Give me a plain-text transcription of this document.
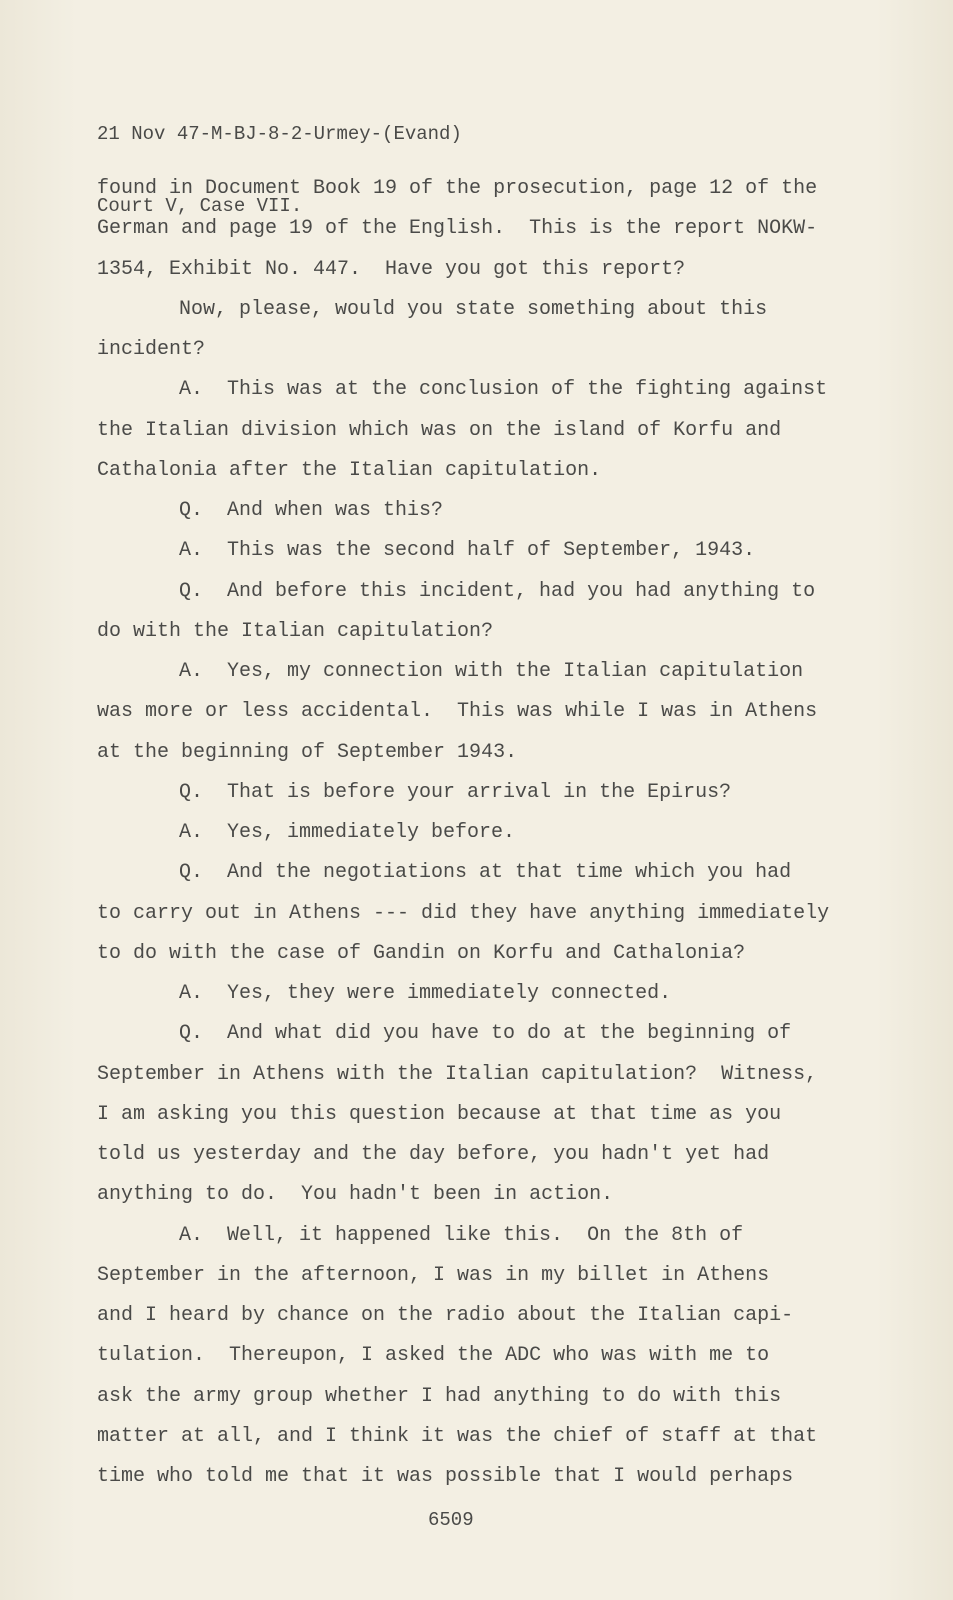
21 Nov 47-M-BJ-8-2-Urmey-(Evand)

Court V, Case VII.

found in Document Book 19 of the prosecution, page 12 of the
German and page 19 of the English.  This is the report NOKW-
1354, Exhibit No. 447.  Have you got this report?
Now, please, would you state something about this
incident?
A.  This was at the conclusion of the fighting against
the Italian division which was on the island of Korfu and
Cathalonia after the Italian capitulation.
Q.  And when was this?
A.  This was the second half of September, 1943.
Q.  And before this incident, had you had anything to
do with the Italian capitulation?
A.  Yes, my connection with the Italian capitulation
was more or less accidental.  This was while I was in Athens
at the beginning of September 1943.
Q.  That is before your arrival in the Epirus?
A.  Yes, immediately before.
Q.  And the negotiations at that time which you had
to carry out in Athens --- did they have anything immediately
to do with the case of Gandin on Korfu and Cathalonia?
A.  Yes, they were immediately connected.
Q.  And what did you have to do at the beginning of
September in Athens with the Italian capitulation?  Witness,
I am asking you this question because at that time as you
told us yesterday and the day before, you hadn't yet had
anything to do.  You hadn't been in action.
A.  Well, it happened like this.  On the 8th of
September in the afternoon, I was in my billet in Athens
and I heard by chance on the radio about the Italian capi-
tulation.  Thereupon, I asked the ADC who was with me to
ask the army group whether I had anything to do with this
matter at all, and I think it was the chief of staff at that
time who told me that it was possible that I would perhaps
6509
